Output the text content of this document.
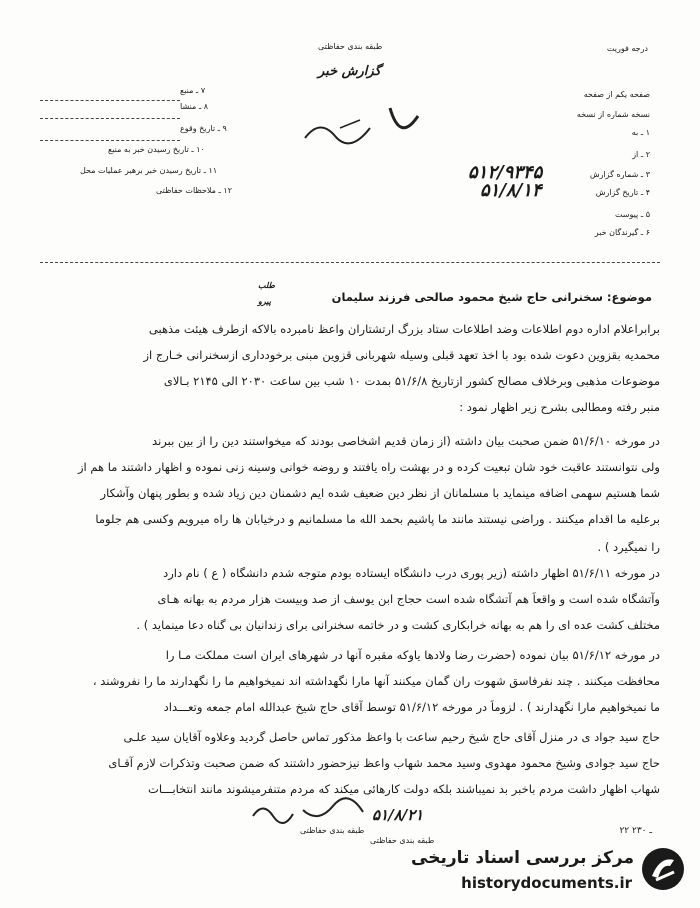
درجه فوریت
طبقه بندی حفاظتی
گزارش خبر
۷ ـ منبع
۸ ـ منشا
۹ ـ تاریخ وقوع
۱۰ ـ تاریخ رسیدن خبر به منبع
۱۱ ـ تاریخ رسیدن خبر برهبر عملیات محل
۱۲ ـ ملاحظات حفاظتی
صفحه یکم از صفحه
نسخه شماره از نسخه
۱ ـ به
۲ ـ از
۳ ـ شماره گزارش
۴ ـ تاریخ گزارش
۵ ـ پیوست
۶ ـ گیرندگان خبر
۵۱۲/۹۳۴۵
۵۱/۸/۱۴
طلب
پیرو	موضوع: سخنرانی حاج شیخ محمود صالحی فرزند سلیمان
برابراعلام اداره دوم اطلاعات وضد اطلاعات ستاد بزرگ ارتشتاران واعظ نامبرده بالاکه ازطرف هیئت مذهبی
محمدیه بقزوین دعوت شده بود با اخذ تعهد قبلی وسیله شهربانی قزوین مبنی برخودداری ازسخنرانی خـارج از
موضوعات مذهبی وبرخلاف مصالح کشور ازتاریخ ۵۱/۶/۸ بمدت ۱۰ شب بین ساعت ۲۰۳۰ الی ۲۱۴۵ بـالای
منبر رفته ومطالبی بشرح زیر اظهار نمود :
در مورخه ۵۱/۶/۱۰ ضمن صحبت بیان داشته (از زمان قدیم اشخاصی بودند که میخواستند دین را از بین ببرند
ولی نتوانستند عاقبت خود شان تبعیت کرده و در بهشت راه یافتند و روضه خوانی وسینه زنی نموده و اظهار داشتند ما هم از
شما هستیم سهمی اضافه مینماید با مسلمانان از نظر دین ضعیف شده ایم دشمنان دین زیاد شده و بطور پنهان وآشکار
برعلیه ما اقدام میکنند . وراضی نیستند مانند ما پاشیم بحمد الله ما مسلمانیم و درخیابان ها راه میرویم وکسی هم جلوما
را نمیگیرد ) .
در مورخه ۵۱/۶/۱۱ اظهار داشته (زیر پوری درب دانشگاه ایستاده بودم متوجه شدم دانشگاه ( ع ) نام دارد
وآتشگاه شده است و واقعاً هم آتشگاه شده است حجاج ابن یوسف از صد وبیست هزار مردم به بهانه هـای
مختلف کشت عده ای را هم به بهانه خرابکاری کشت و در خاتمه سخنرانی برای زندانیان بی گناه دعا مینماید ) .
در مورخه ۵۱/۶/۱۲ بیان نموده (حضرت رضا ولادها یاوکه مقبره آنها در شهرهای ایران است مملکت مـا را
محافظت میکنند . چند نفرفاسق شهوت ران گمان میکنند آنها مارا نگهداشته اند نمیخواهیم ما را نگهدارند ما را نفروشند ،
ما نمیخواهیم مارا نگهدارند ) . لزوماً در مورخه ۵۱/۶/۱۲ توسط آقای حاج شیخ عبدالله امام جمعه وتعـــداد
حاج سید جواد ی در منزل آقای حاج شیخ رحیم ساعت با واعظ مذکور تماس حاصل گردید وعلاوه آقایان سید علـی
حاج سید جوادی وشیخ محمود مهدوی وسید محمد شهاب واعظ نیزحضور داشتند که ضمن صحبت وتذکرات لازم آقـای
شهاب اظهار داشت مردم باخبر بد نمیباشند بلکه دولت کارهائی میکند که مردم متنفرمیشوند مانند انتخابـــات
۵۱/۸/۲۱
طبقه بندی حفاظتی
طبقه بندی حفاظتی
۲۲ ـ ۲۳۰
مرکز بررسی اسناد تاریخی
historydocuments.ir
